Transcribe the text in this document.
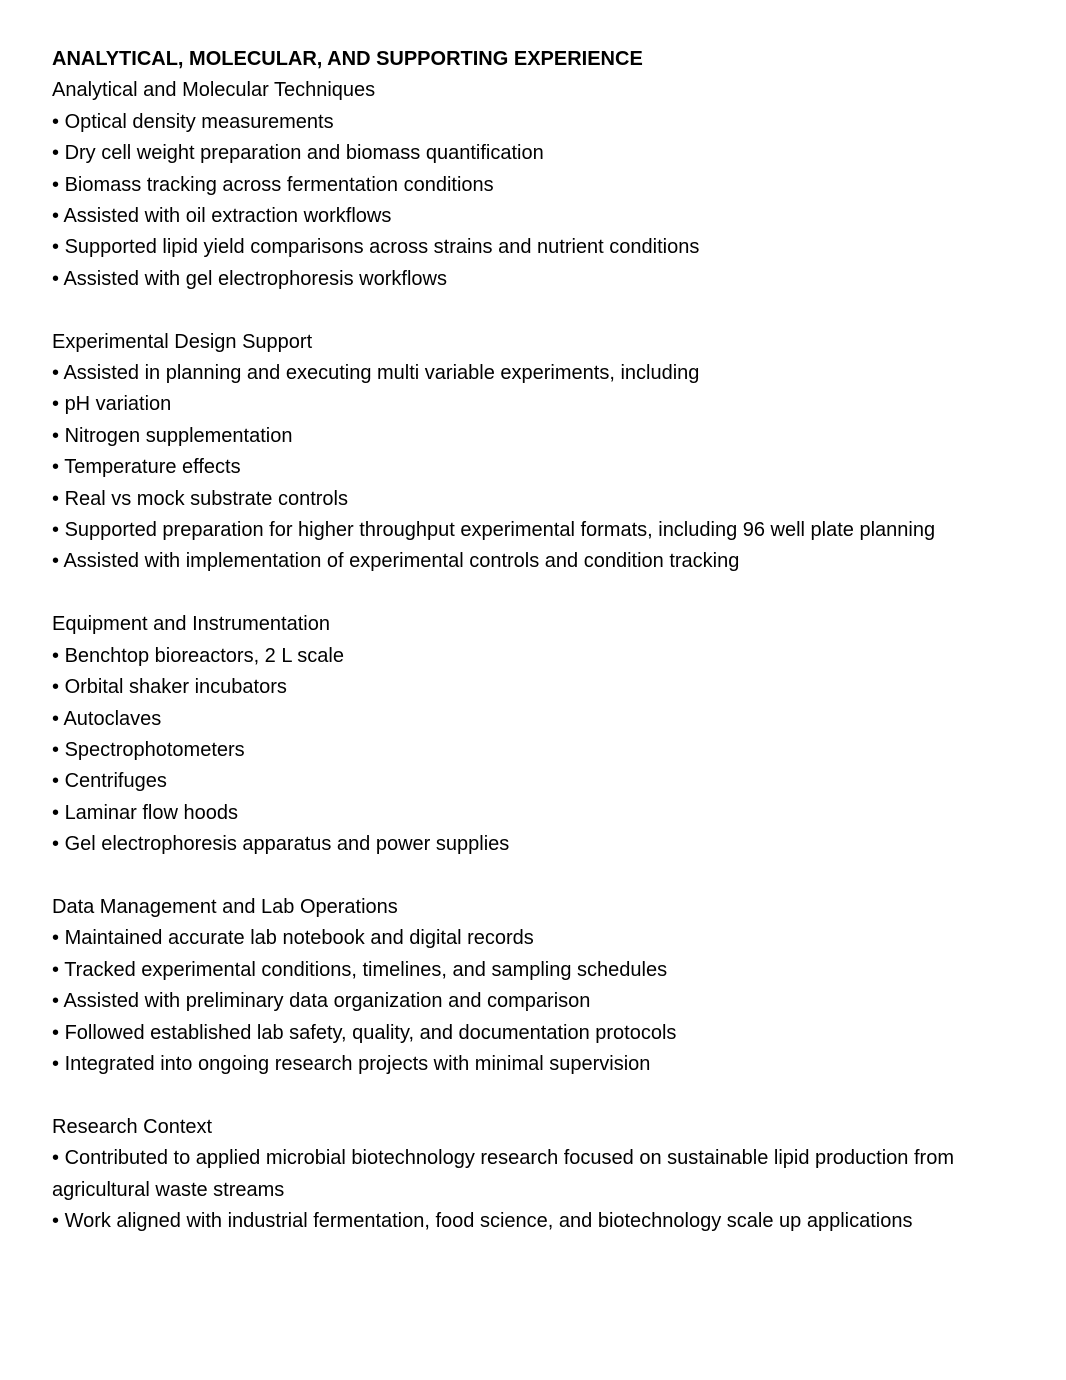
ANALYTICAL, MOLECULAR, AND SUPPORTING EXPERIENCE
Analytical and Molecular Techniques
• Optical density measurements
• Dry cell weight preparation and biomass quantification
• Biomass tracking across fermentation conditions
• Assisted with oil extraction workflows
• Supported lipid yield comparisons across strains and nutrient conditions
• Assisted with gel electrophoresis workflows
Experimental Design Support
• Assisted in planning and executing multi variable experiments, including
• pH variation
• Nitrogen supplementation
• Temperature effects
• Real vs mock substrate controls
• Supported preparation for higher throughput experimental formats, including 96 well plate planning
• Assisted with implementation of experimental controls and condition tracking
Equipment and Instrumentation
• Benchtop bioreactors, 2 L scale
• Orbital shaker incubators
• Autoclaves
• Spectrophotometers
• Centrifuges
• Laminar flow hoods
• Gel electrophoresis apparatus and power supplies
Data Management and Lab Operations
• Maintained accurate lab notebook and digital records
• Tracked experimental conditions, timelines, and sampling schedules
• Assisted with preliminary data organization and comparison
• Followed established lab safety, quality, and documentation protocols
• Integrated into ongoing research projects with minimal supervision
Research Context
• Contributed to applied microbial biotechnology research focused on sustainable lipid production from agricultural waste streams
• Work aligned with industrial fermentation, food science, and biotechnology scale up applications
